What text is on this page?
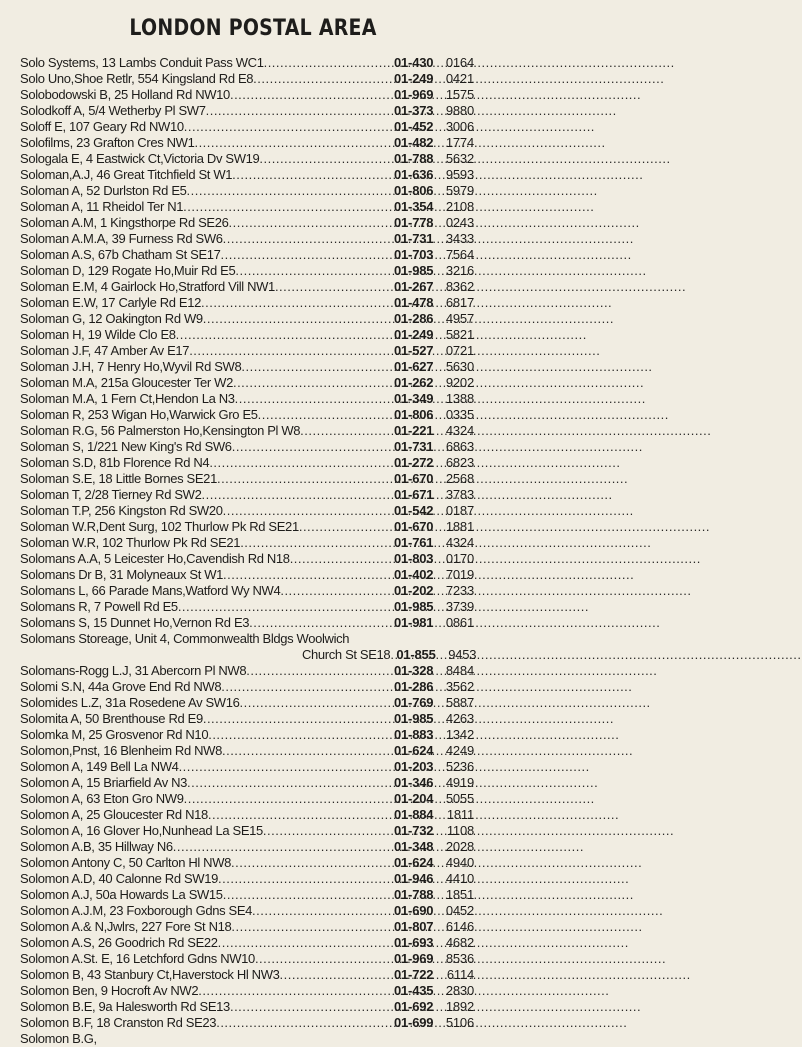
LONDON POSTAL AREA
Solo Systems, 13 Lambs Conduit Pass WC1 .....	01-430 0164
Solo Uno,Shoe Retlr, 554 Kingsland Rd E8 .....	01-249 0421
Solobodowski B, 25 Holland Rd NW10 .....	01-969 1575
Solodkoff A, 5/4 Wetherby Pl SW7 .....	01-373 9880
Soloff E, 107 Geary Rd NW10 .....	01-452 3006
Solofilms, 23 Grafton Cres NW1 .....	01-482 1774
Sologala E, 4 Eastwick Ct,Victoria Dv SW19 .....	01-788 5632
Soloman,A.J, 46 Great Titchfield St W1 .....	01-636 9593
Soloman A, 52 Durlston Rd E5 .....	01-806 5979
Soloman A, 11 Rheidol Ter N1 .....	01-354 2108
Soloman A.M, 1 Kingsthorpe Rd SE26 .....	01-778 0243
Soloman A.M.A, 39 Furness Rd SW6 .....	01-731 3433
Soloman A.S, 67b Chatham St SE17 .....	01-703 7564
Soloman D, 129 Rogate Ho,Muir Rd E5 .....	01-985 3216
Soloman E.M, 4 Gairlock Ho,Stratford Vill NW1 .....	01-267 8362
Soloman E.W, 17 Carlyle Rd E12 .....	01-478 6817
Soloman G, 12 Oakington Rd W9 .....	01-286 4957
Soloman H, 19 Wilde Clo E8 .....	01-249 5821
Soloman J.F, 47 Amber Av E17 .....	01-527 0721
Soloman J.H, 7 Henry Ho,Wyvil Rd SW8 .....	01-627 5630
Soloman M.A, 215a Gloucester Ter W2 .....	01-262 9202
Soloman M.A, 1 Fern Ct,Hendon La N3 .....	01-349 1388
Soloman R, 253 Wigan Ho,Warwick Gro E5 .....	01-806 0335
Soloman R.G, 56 Palmerston Ho,Kensington Pl W8 .....	01-221 4324
Soloman S, 1/221 New King's Rd SW6 .....	01-731 6863
Soloman S.D, 81b Florence Rd N4 .....	01-272 6823
Soloman S.E, 18 Little Bornes SE21 .....	01-670 2568
Soloman T, 2/28 Tierney Rd SW2 .....	01-671 3783
Soloman T.P, 256 Kingston Rd SW20 .....	01-542 0187
Soloman W.R,Dent Surg, 102 Thurlow Pk Rd SE21 .....	01-670 1881
Soloman W.R, 102 Thurlow Pk Rd SE21 .....	01-761 4324
Solomans A.A, 5 Leicester Ho,Cavendish Rd N18 .....	01-803 0170
Solomans Dr B, 31 Molyneaux St W1 .....	01-402 7019
Solomans L, 66 Parade Mans,Watford Wy NW4 .....	01-202 7233
Solomans R, 7 Powell Rd E5 .....	01-985 3739
Solomans S, 15 Dunnet Ho,Vernon Rd E3 .....	01-981 0861
Solomans Storeage, Unit 4, Commonwealth Bldgs Woolwich
Church St SE18 ..... 01-855 9453
Solomans-Rogg L.J, 31 Abercorn Pl NW8 .....	01-328 8484
Solomi S.N, 44a Grove End Rd NW8 .....	01-286 3562
Solomides L.Z, 31a Rosedene Av SW16 .....	01-769 5887
Solomita A, 50 Brenthouse Rd E9 .....	01-985 4263
Solomka M, 25 Grosvenor Rd N10 .....	01-883 1342
Solomon,Pnst, 16 Blenheim Rd NW8 .....	01-624 4249
Solomon A, 149 Bell La NW4 .....	01-203 5236
Solomon A, 15 Briarfield Av N3 .....	01-346 4919
Solomon A, 63 Eton Gro NW9 .....	01-204 5055
Solomon A, 25 Gloucester Rd N18 .....	01-884	1811
Solomon A, 16 Glover Ho,Nunhead La SE15 .....	01-732	1108
Solomon A.B, 35 Hillway N6 .....	01-348 2028
Solomon Antony C, 50 Carlton Hl NW8 .....	01-624 4940
Solomon A.D, 40 Calonne Rd SW19 .....	01-946 4410
Solomon A.J, 50a Howards La SW15 .....	01-788 1851
Solomon A.J.M, 23 Foxborough Gdns SE4 .....	01-690 0452
Solomon A.& N,Jwlrs, 227 Fore St N18 .....	01-807 6146
Solomon A.S, 26 Goodrich Rd SE22 .....	01-693 4682
Solomon A.St. E, 16 Letchford Gdns NW10 .....	01-969 8536
Solomon B, 43 Stanbury Ct,Haverstock Hl NW3 .....	01-722	6114
Solomon Ben, 9 Hocroft Av NW2 .....	01-435 2830
Solomon B.E, 9a Halesworth Rd SE13 .....	01-692 1892
Solomon B.F, 18 Cranston Rd SE23 .....	01-699 5106
Solomon B.G,
